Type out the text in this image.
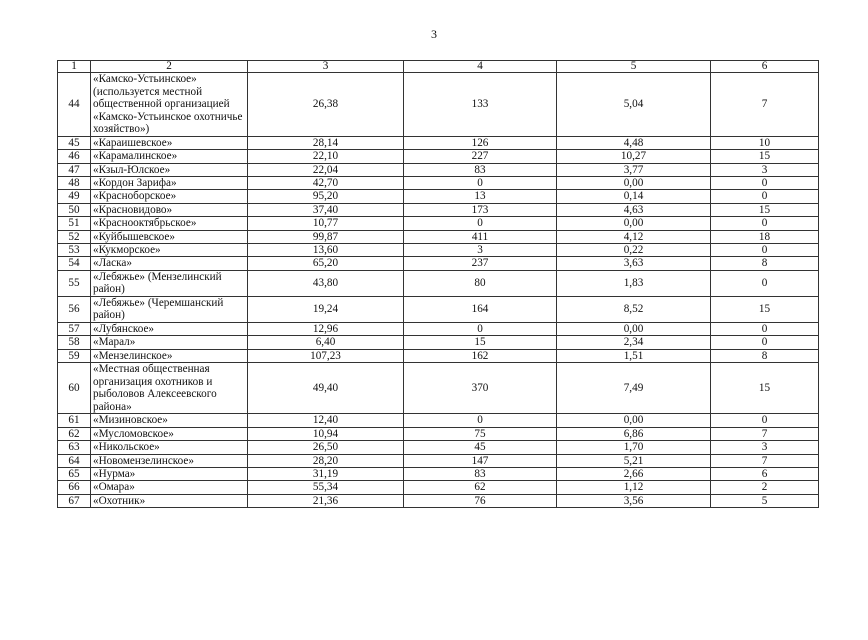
3
1	2	3	4	5	6
44	«Камско-Устьинское» (используется местной общественной организацией «Камско-Устьинское охотничье хозяйство»)	26,38	133	5,04	7
45	«Караишевское»	28,14	126	4,48	10
46	«Карамалинское»	22,10	227	10,27	15
47	«Кзыл-Юлское»	22,04	83	3,77	3
48	«Кордон Зарифа»	42,70	0	0,00	0
49	«Красноборское»	95,20	13	0,14	0
50	«Красновидово»	37,40	173	4,63	15
51	«Краснооктябрьское»	10,77	0	0,00	0
52	«Куйбышевское»	99,87	411	4,12	18
53	«Кукморское»	13,60	3	0,22	0
54	«Ласка»	65,20	237	3,63	8
55	«Лебяжье» (Мензелинский район)	43,80	80	1,83	0
56	«Лебяжье» (Черемшанский район)	19,24	164	8,52	15
57	«Лубянское»	12,96	0	0,00	0
58	«Марал»	6,40	15	2,34	0
59	«Мензелинское»	107,23	162	1,51	8
60	«Местная общественная организация охотников и рыболовов Алексеевского района»	49,40	370	7,49	15
61	«Мизиновское»	12,40	0	0,00	0
62	«Мусломовское»	10,94	75	6,86	7
63	«Никольское»	26,50	45	1,70	3
64	«Новомензелинское»	28,20	147	5,21	7
65	«Нурма»	31,19	83	2,66	6
66	«Омара»	55,34	62	1,12	2
67	«Охотник»	21,36	76	3,56	5
